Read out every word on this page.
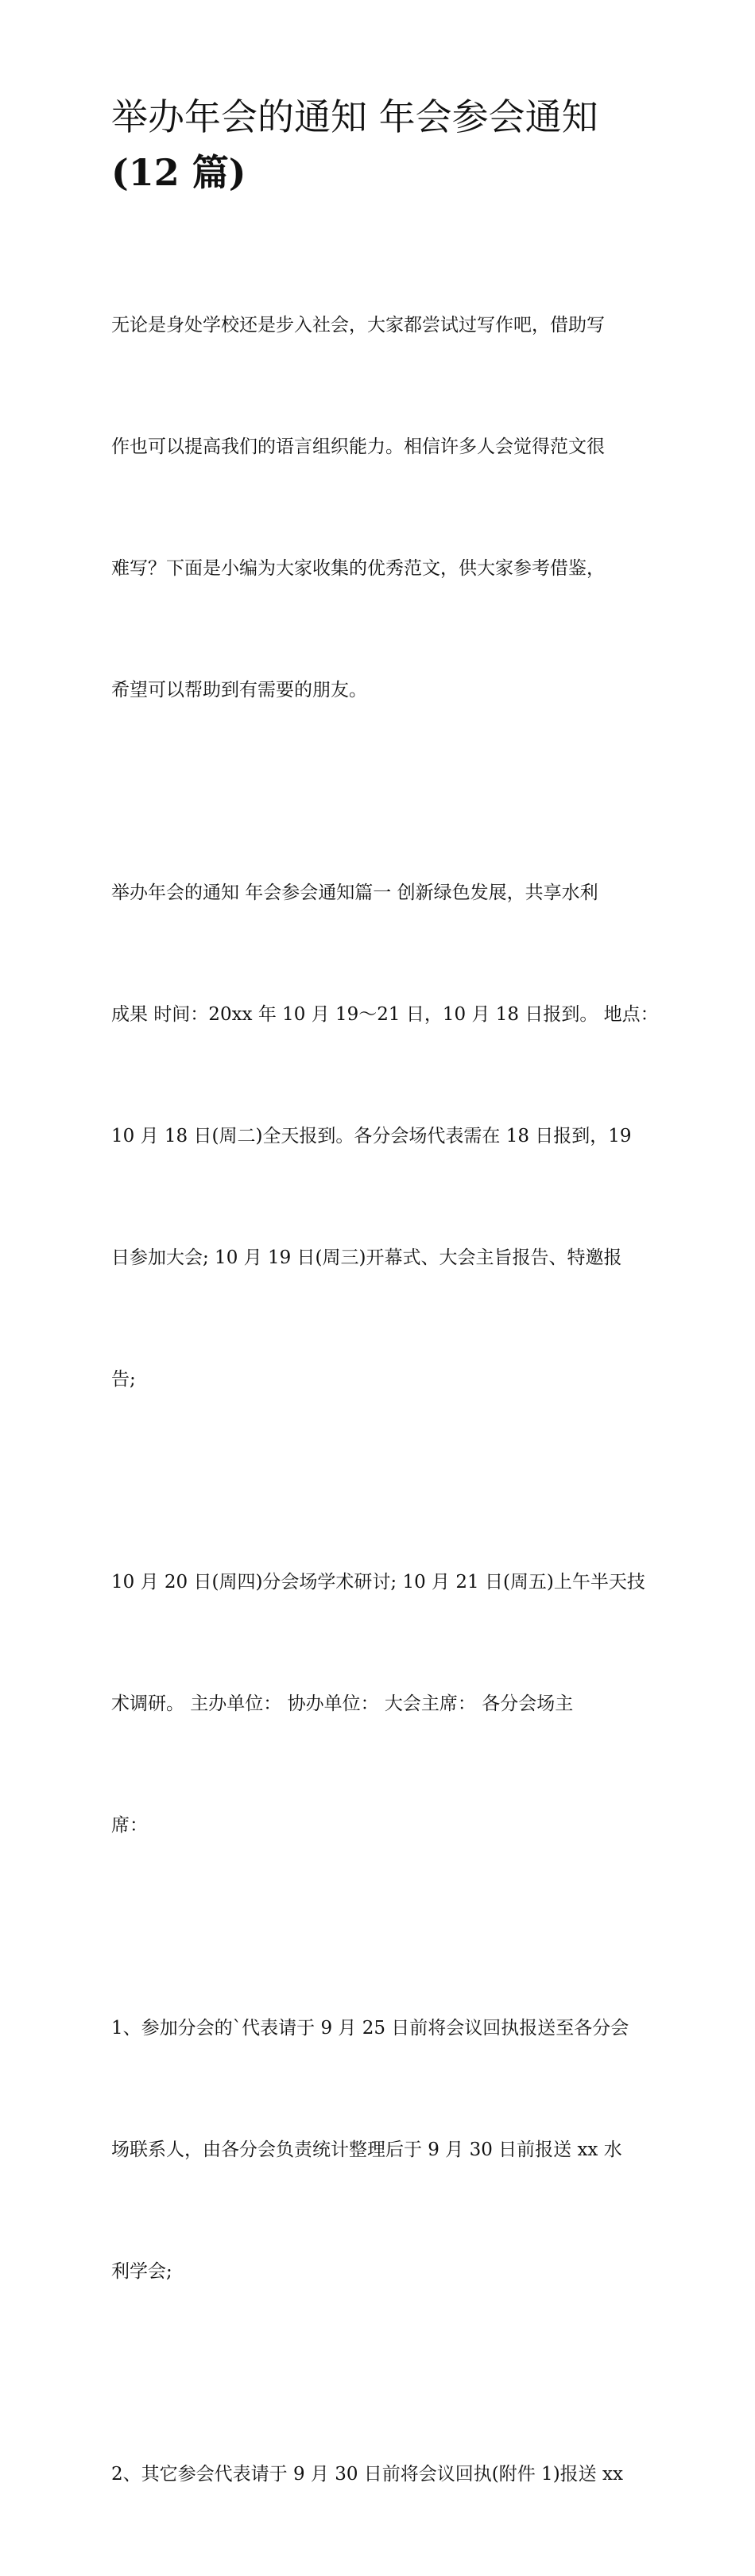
举办年会的通知 年会参会通知
(12 篇)

无论是身处学校还是步入社会，大家都尝试过写作吧，借助写

作也可以提高我们的语言组织能力。相信许多人会觉得范文很

难写？下面是小编为大家收集的优秀范文，供大家参考借鉴，

希望可以帮助到有需要的朋友。

举办年会的通知 年会参会通知篇一 创新绿色发展，共享水利

成果 时间：20xx 年 10 月 19～21 日，10 月 18 日报到。 地点：

10 月 18 日(周二)全天报到。各分会场代表需在 18 日报到，19

日参加大会; 10 月 19 日(周三)开幕式、大会主旨报告、特邀报

告;

10 月 20 日(周四)分会场学术研讨; 10 月 21 日(周五)上午半天技

术调研。 主办单位： 协办单位： 大会主席： 各分会场主

席：

1、参加分会的`代表请于 9 月 25 日前将会议回执报送至各分会

场联系人，由各分会负责统计整理后于 9 月 30 日前报送 xx 水

利学会;

2、其它参会代表请于 9 月 30 日前将会议回执(附件 1)报送 xx
